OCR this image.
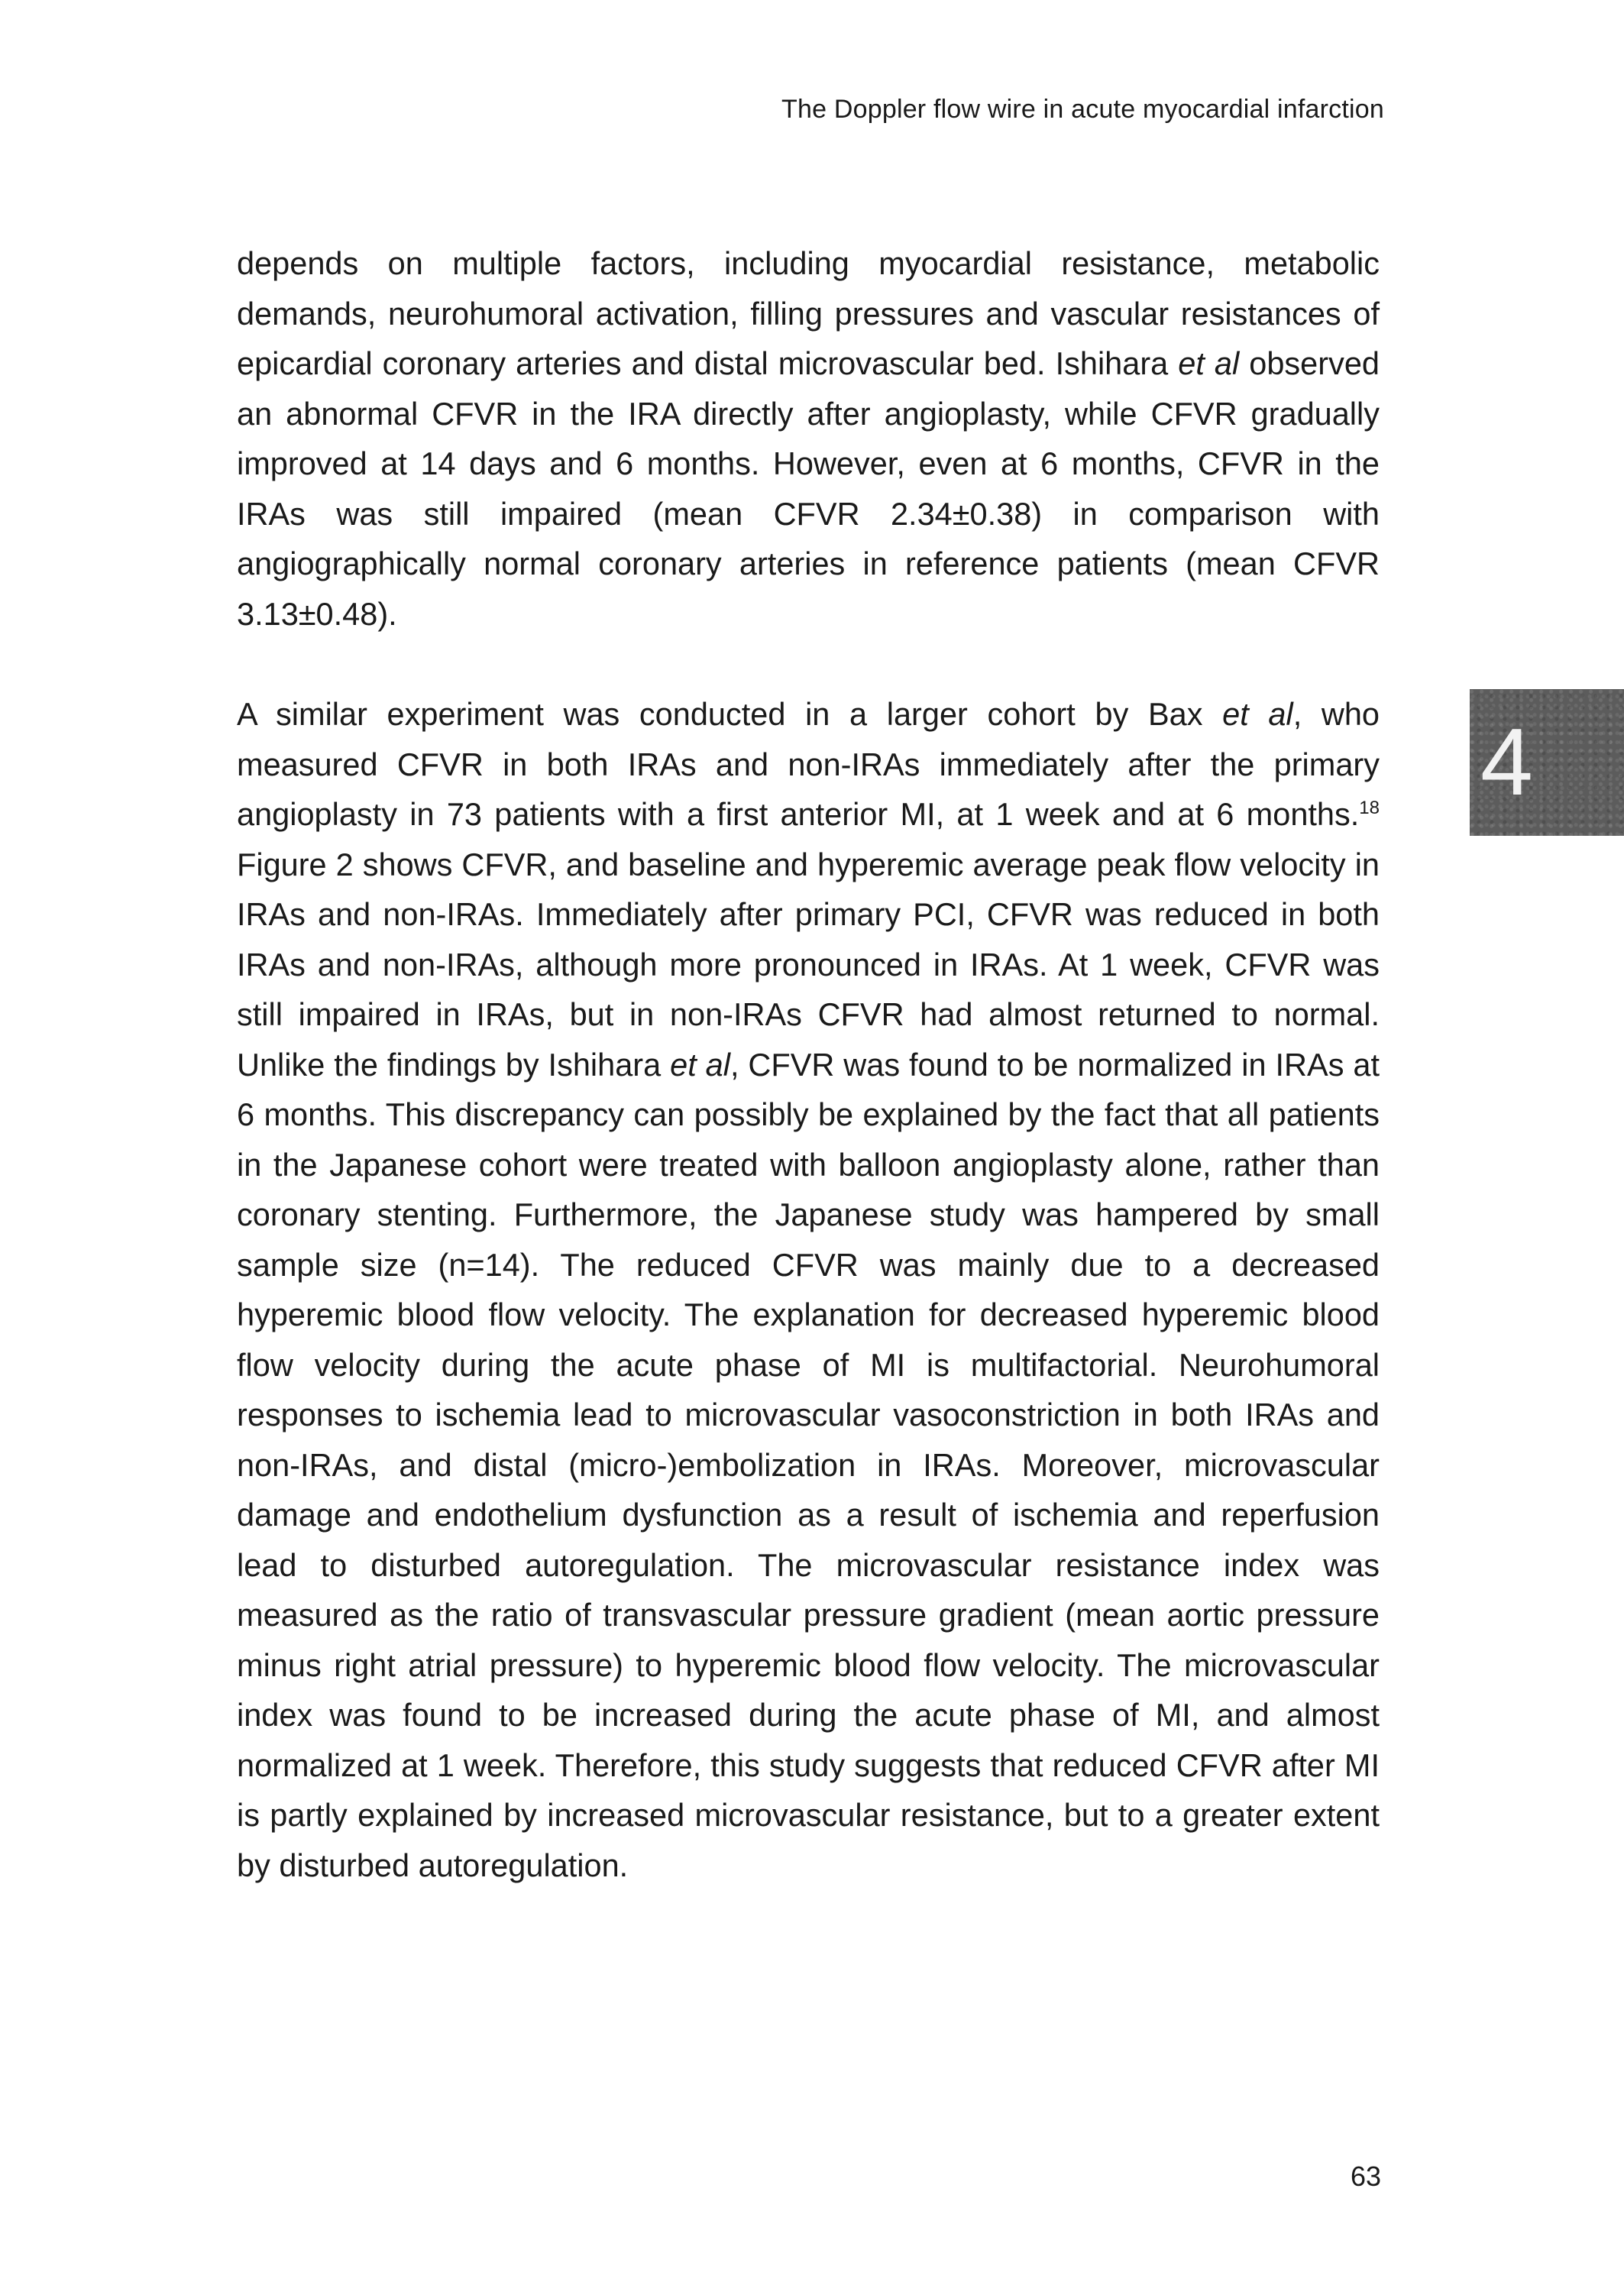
The Doppler flow wire in acute myocardial infarction

depends on multiple factors, including myocardial resistance, metabolic demands, neurohumoral activation, filling pressures and vascular resistances of epicardial coronary arteries and distal microvascular bed. Ishihara et al observed an abnormal CFVR in the IRA directly after angioplasty, while CFVR gradually improved at 14 days and 6 months. However, even at 6 months, CFVR in the IRAs was still impaired (mean CFVR 2.34±0.38) in comparison with angiographically normal coronary arteries in reference patients (mean CFVR 3.13±0.48).

A similar experiment was conducted in a larger cohort by Bax et al, who measured CFVR in both IRAs and non-IRAs immediately after the primary angioplasty in 73 patients with a first anterior MI, at 1 week and at 6 months.$^{18}$ Figure 2 shows CFVR, and baseline and hyperemic average peak flow velocity in IRAs and non-IRAs. Immediately after primary PCI, CFVR was reduced in both IRAs and non-IRAs, although more pronounced in IRAs. At 1 week, CFVR was still impaired in IRAs, but in non-IRAs CFVR had almost returned to normal. Unlike the findings by Ishihara et al, CFVR was found to be normalized in IRAs at 6 months. This discrepancy can possibly be explained by the fact that all patients in the Japanese cohort were treated with balloon angioplasty alone, rather than coronary stenting. Furthermore, the Japanese study was hampered by small sample size (n=14). The reduced CFVR was mainly due to a decreased hyperemic blood flow velocity. The explanation for decreased hyperemic blood flow velocity during the acute phase of MI is multifactorial. Neurohumoral responses to ischemia lead to microvascular vasoconstriction in both IRAs and non-IRAs, and distal (micro-)embolization in IRAs. Moreover, microvascular damage and endothelium dysfunction as a result of ischemia and reperfusion lead to disturbed autoregulation. The microvascular resistance index was measured as the ratio of transvascular pressure gradient (mean aortic pressure minus right atrial pressure) to hyperemic blood flow velocity. The microvascular index was found to be increased during the acute phase of MI, and almost normalized at 1 week. Therefore, this study suggests that reduced CFVR after MI is partly explained by increased microvascular resistance, but to a greater extent by disturbed autoregulation.

4
63
